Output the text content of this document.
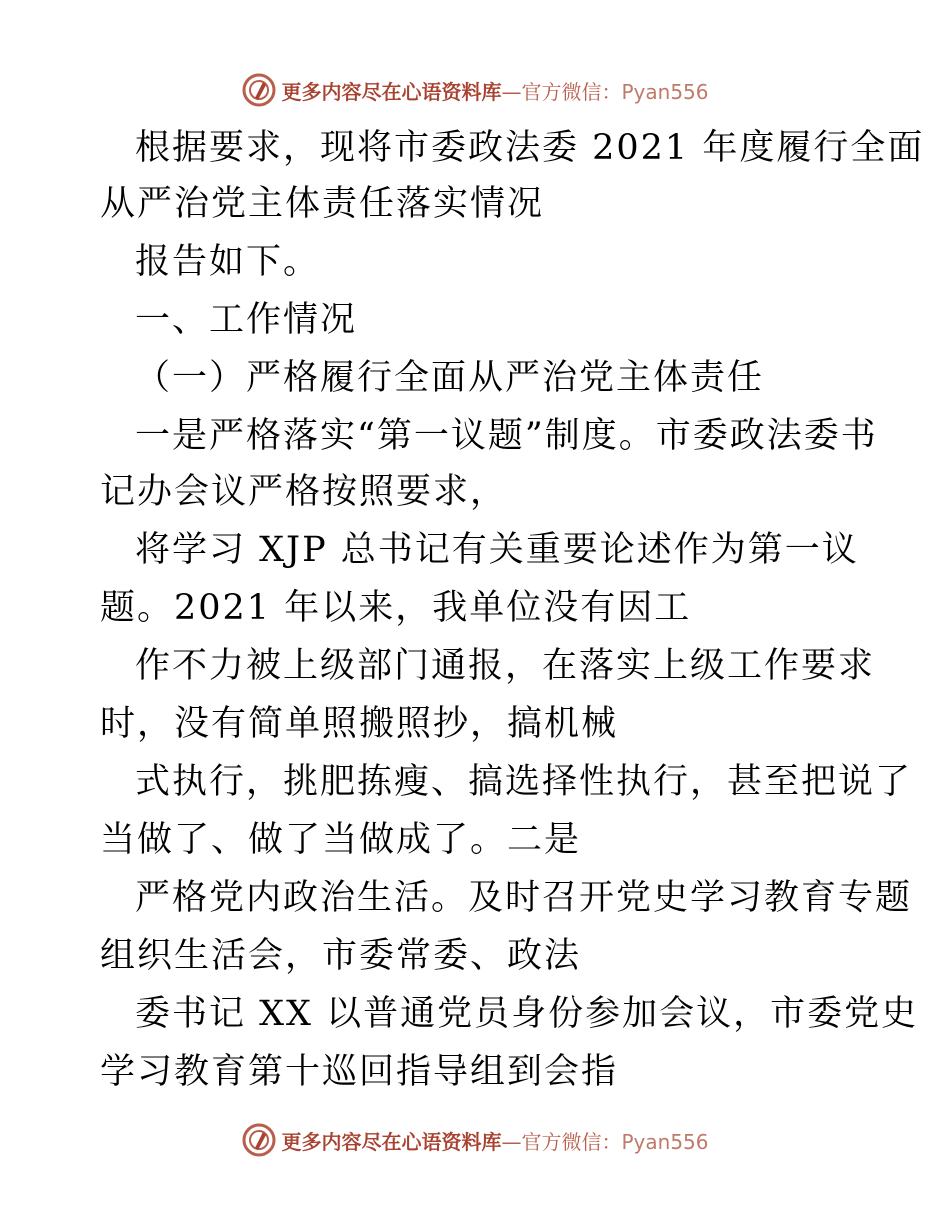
更多内容尽在心语资料库—官方微信：Pyan556
根据要求，现将市委政法委 2021 年度履行全面
从严治党主体责任落实情况
报告如下。
一、工作情况
（一）严格履行全面从严治党主体责任
一是严格落实“第一议题”制度。市委政法委书
记办会议严格按照要求，
将学习 XJP 总书记有关重要论述作为第一议
题。2021 年以来，我单位没有因工
作不力被上级部门通报，在落实上级工作要求
时，没有简单照搬照抄，搞机械
式执行，挑肥拣瘦、搞选择性执行，甚至把说了
当做了、做了当做成了。二是
严格党内政治生活。及时召开党史学习教育专题
组织生活会，市委常委、政法
委书记 XX 以普通党员身份参加会议，市委党史
学习教育第十巡回指导组到会指
更多内容尽在心语资料库—官方微信：Pyan556
